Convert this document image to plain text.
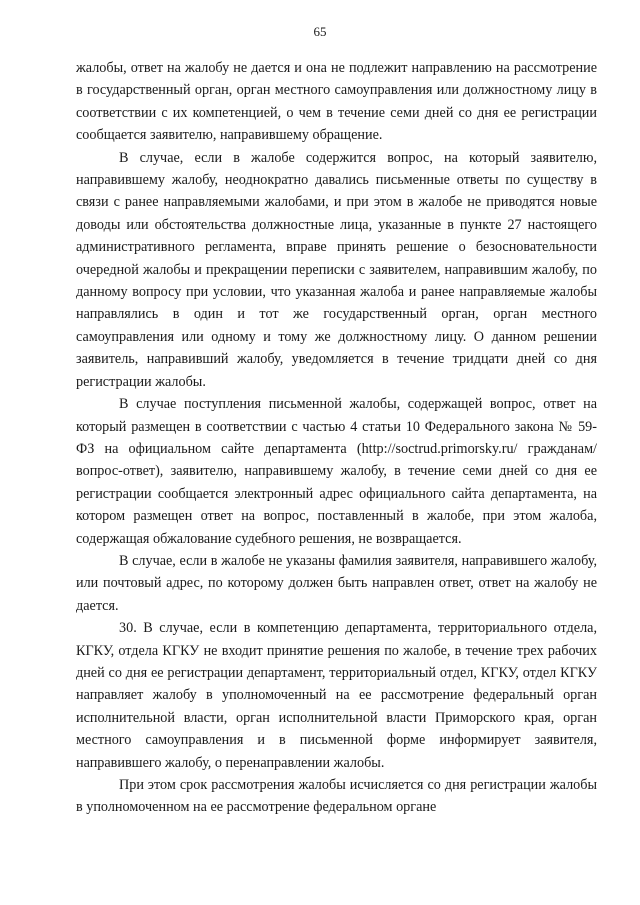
65

жалобы, ответ на жалобу не дается и она не подлежит направлению на рассмотрение в государственный орган, орган местного самоуправления или должностному лицу в соответствии с их компетенцией, о чем в течение семи дней со дня ее регистрации сообщается заявителю, направившему обращение.

В случае, если в жалобе содержится вопрос, на который заявителю, направившему жалобу, неоднократно давались письменные ответы по существу в связи с ранее направляемыми жалобами, и при этом в жалобе не приводятся новые доводы или обстоятельства должностные лица, указанные в пункте 27 настоящего административного регламента, вправе принять решение о безосновательности очередной жалобы и прекращении переписки с заявителем, направившим жалобу, по данному вопросу при условии, что указанная жалоба и ранее направляемые жалобы направлялись в один и тот же государственный орган, орган местного самоуправления или одному и тому же должностному лицу. О данном решении заявитель, направивший жалобу, уведомляется в течение тридцати дней со дня регистрации жалобы.

В случае поступления письменной жалобы, содержащей вопрос, ответ на который размещен в соответствии с частью 4 статьи 10 Федерального закона № 59-ФЗ на официальном сайте департамента (http://soctrud.primorsky.ru/ гражданам/вопрос-ответ), заявителю, направившему жалобу, в течение семи дней со дня ее регистрации сообщается электронный адрес официального сайта департамента, на котором размещен ответ на вопрос, поставленный в жалобе, при этом жалоба, содержащая обжалование судебного решения, не возвращается.

В случае, если в жалобе не указаны фамилия заявителя, направившего жалобу, или почтовый адрес, по которому должен быть направлен ответ, ответ на жалобу не дается.

30. В случае, если в компетенцию департамента, территориального отдела, КГКУ, отдела КГКУ не входит принятие решения по жалобе, в течение трех рабочих дней со дня ее регистрации департамент, территориальный отдел, КГКУ, отдел КГКУ направляет жалобу в уполномоченный на ее рассмотрение федеральный орган исполнительной власти, орган исполнительной власти Приморского края, орган местного самоуправления и в письменной форме информирует заявителя, направившего жалобу, о перенаправлении жалобы.

При этом срок рассмотрения жалобы исчисляется со дня регистрации жалобы в уполномоченном на ее рассмотрение федеральном органе
